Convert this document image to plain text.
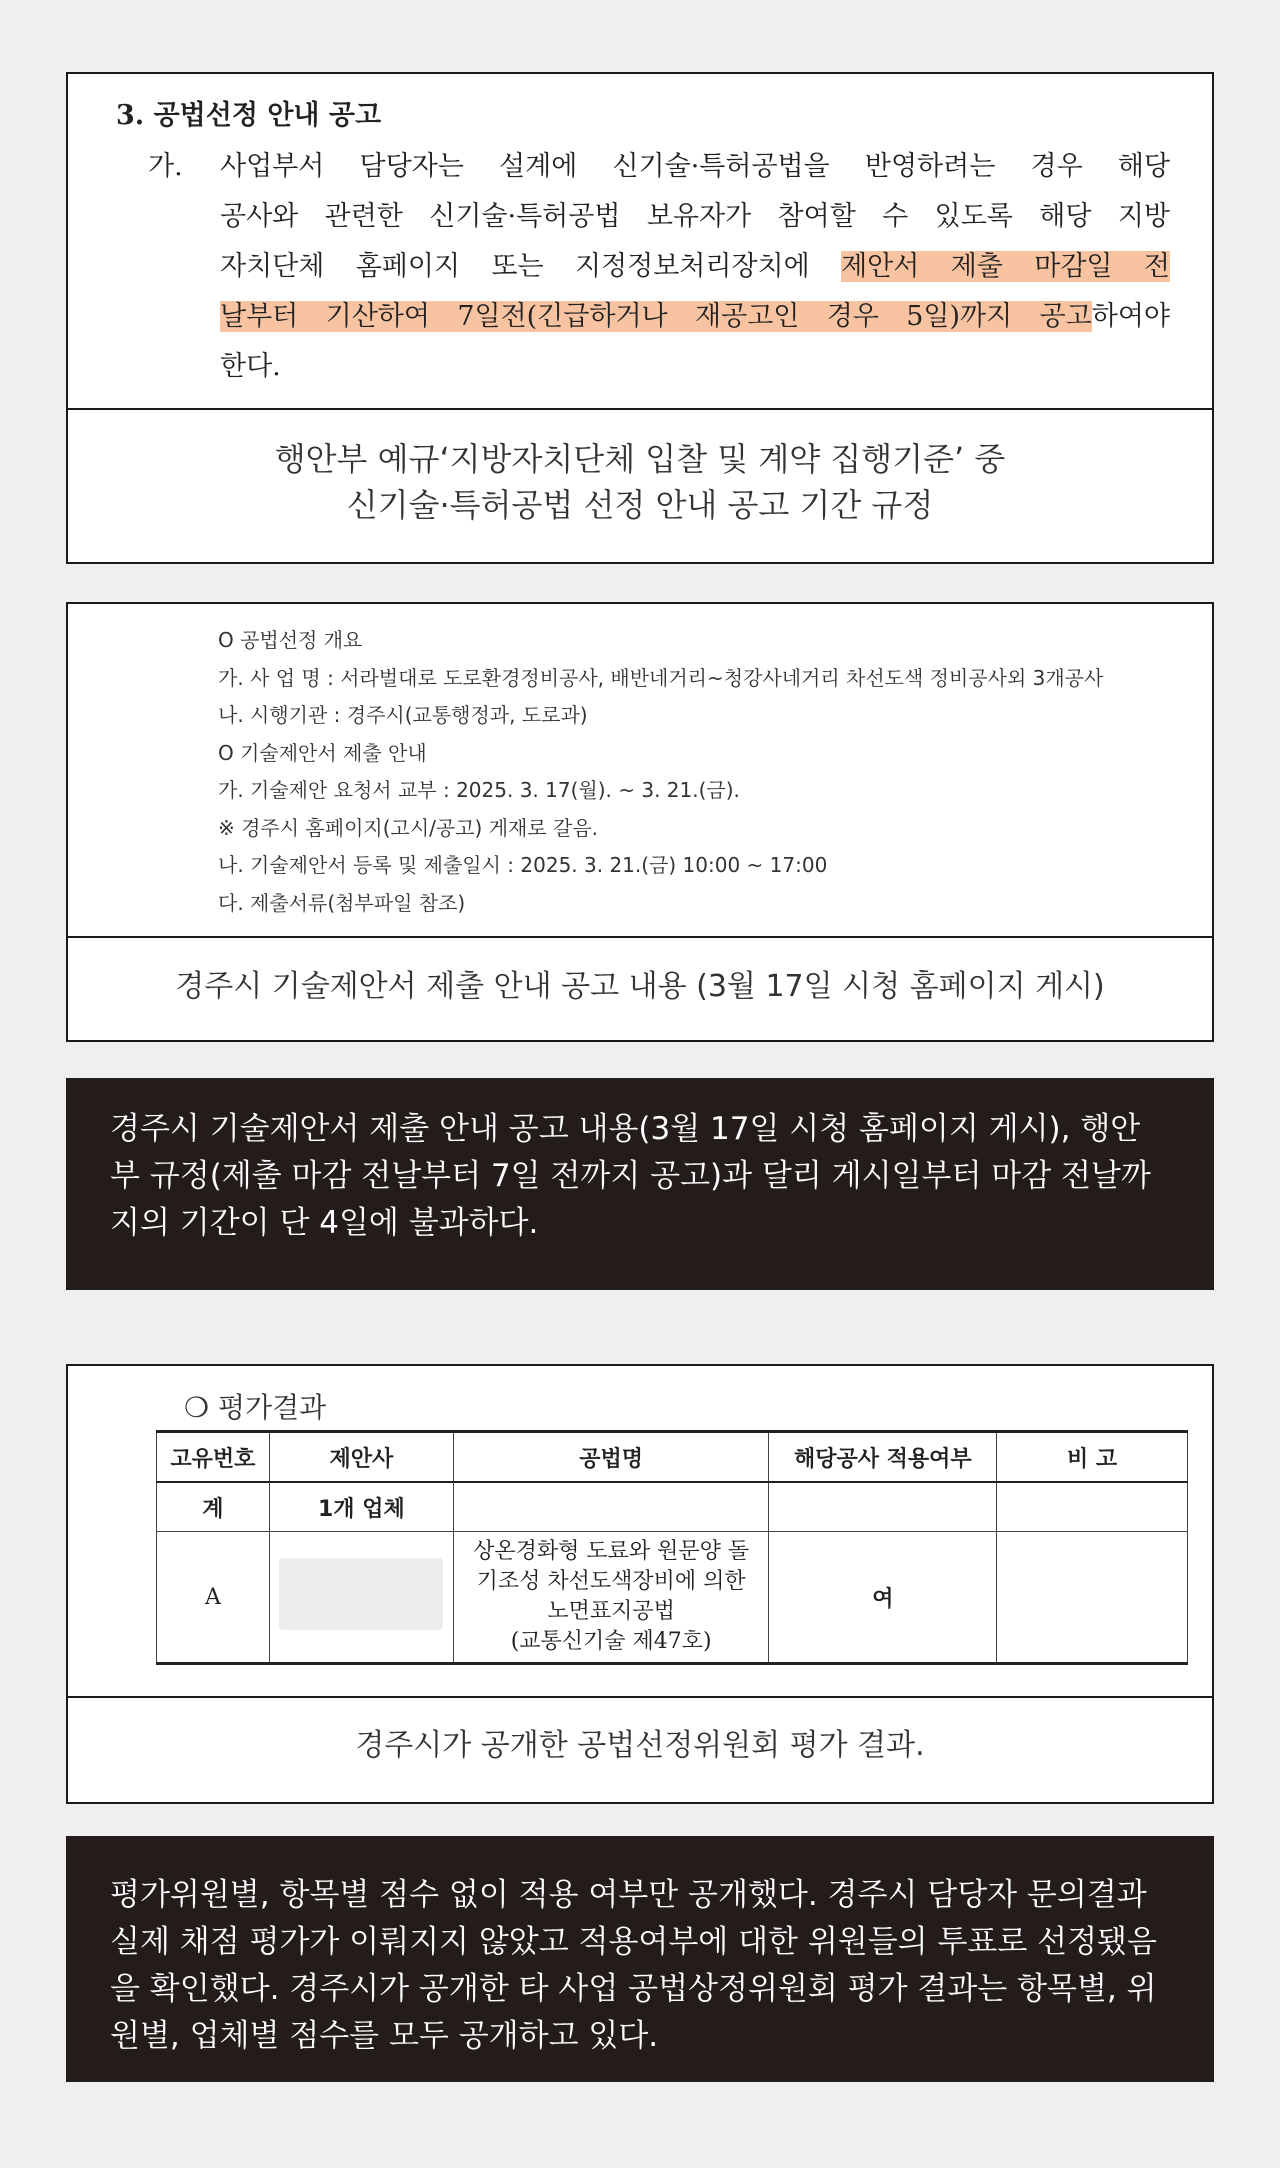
3. 공법선정 안내 공고
가. 사업부서 담당자는 설계에 신기술·특허공법을 반영하려는 경우 해당
공사와 관련한 신기술·특허공법 보유자가 참여할 수 있도록 해당 지방
자치단체 홈페이지 또는 지정정보처리장치에 제안서 제출 마감일 전
날부터 기산하여 7일전(긴급하거나 재공고인 경우 5일)까지 공고하여야
한다.
행안부 예규‘지방자치단체 입찰 및 계약 집행기준’ 중
신기술·특허공법 선정 안내 공고 기간 규정
O 공법선정 개요
가. 사 업 명 : 서라벌대로 도로환경정비공사, 배반네거리~청강사네거리 차선도색 정비공사외 3개공사
나. 시행기관 : 경주시(교통행정과, 도로과)
O 기술제안서 제출 안내
가. 기술제안 요청서 교부 : 2025. 3. 17(월). ~ 3. 21.(금).
※ 경주시 홈페이지(고시/공고) 게재로 갈음.
나. 기술제안서 등록 및 제출일시 : 2025. 3. 21.(금) 10:00 ~ 17:00
다. 제출서류(첨부파일 참조)
경주시 기술제안서 제출 안내 공고 내용 (3월 17일 시청 홈페이지 게시)
경주시 기술제안서 제출 안내 공고 내용(3월 17일 시청 홈페이지 게시), 행안부 규정(제출 마감 전날부터 7일 전까지 공고)과 달리 게시일부터 마감 전날까지의 기간이 단 4일에 불과하다.
❍ 평가결과
고유번호	제안사	공법명	해당공사 적용여부	비 고
계	1개 업체			
A		상온경화형 도료와 원문양 돌
기조성 차선도색장비에 의한
노면표지공법
(교통신기술 제47호)	여	
경주시가 공개한 공법선정위원회 평가 결과.
평가위원별, 항목별 점수 없이 적용 여부만 공개했다. 경주시 담당자 문의결과 실제 채점 평가가 이뤄지지 않았고 적용여부에 대한 위원들의 투표로 선정됐음을 확인했다. 경주시가 공개한 타 사업 공법상정위원회 평가 결과는 항목별, 위원별, 업체별 점수를 모두 공개하고 있다.
